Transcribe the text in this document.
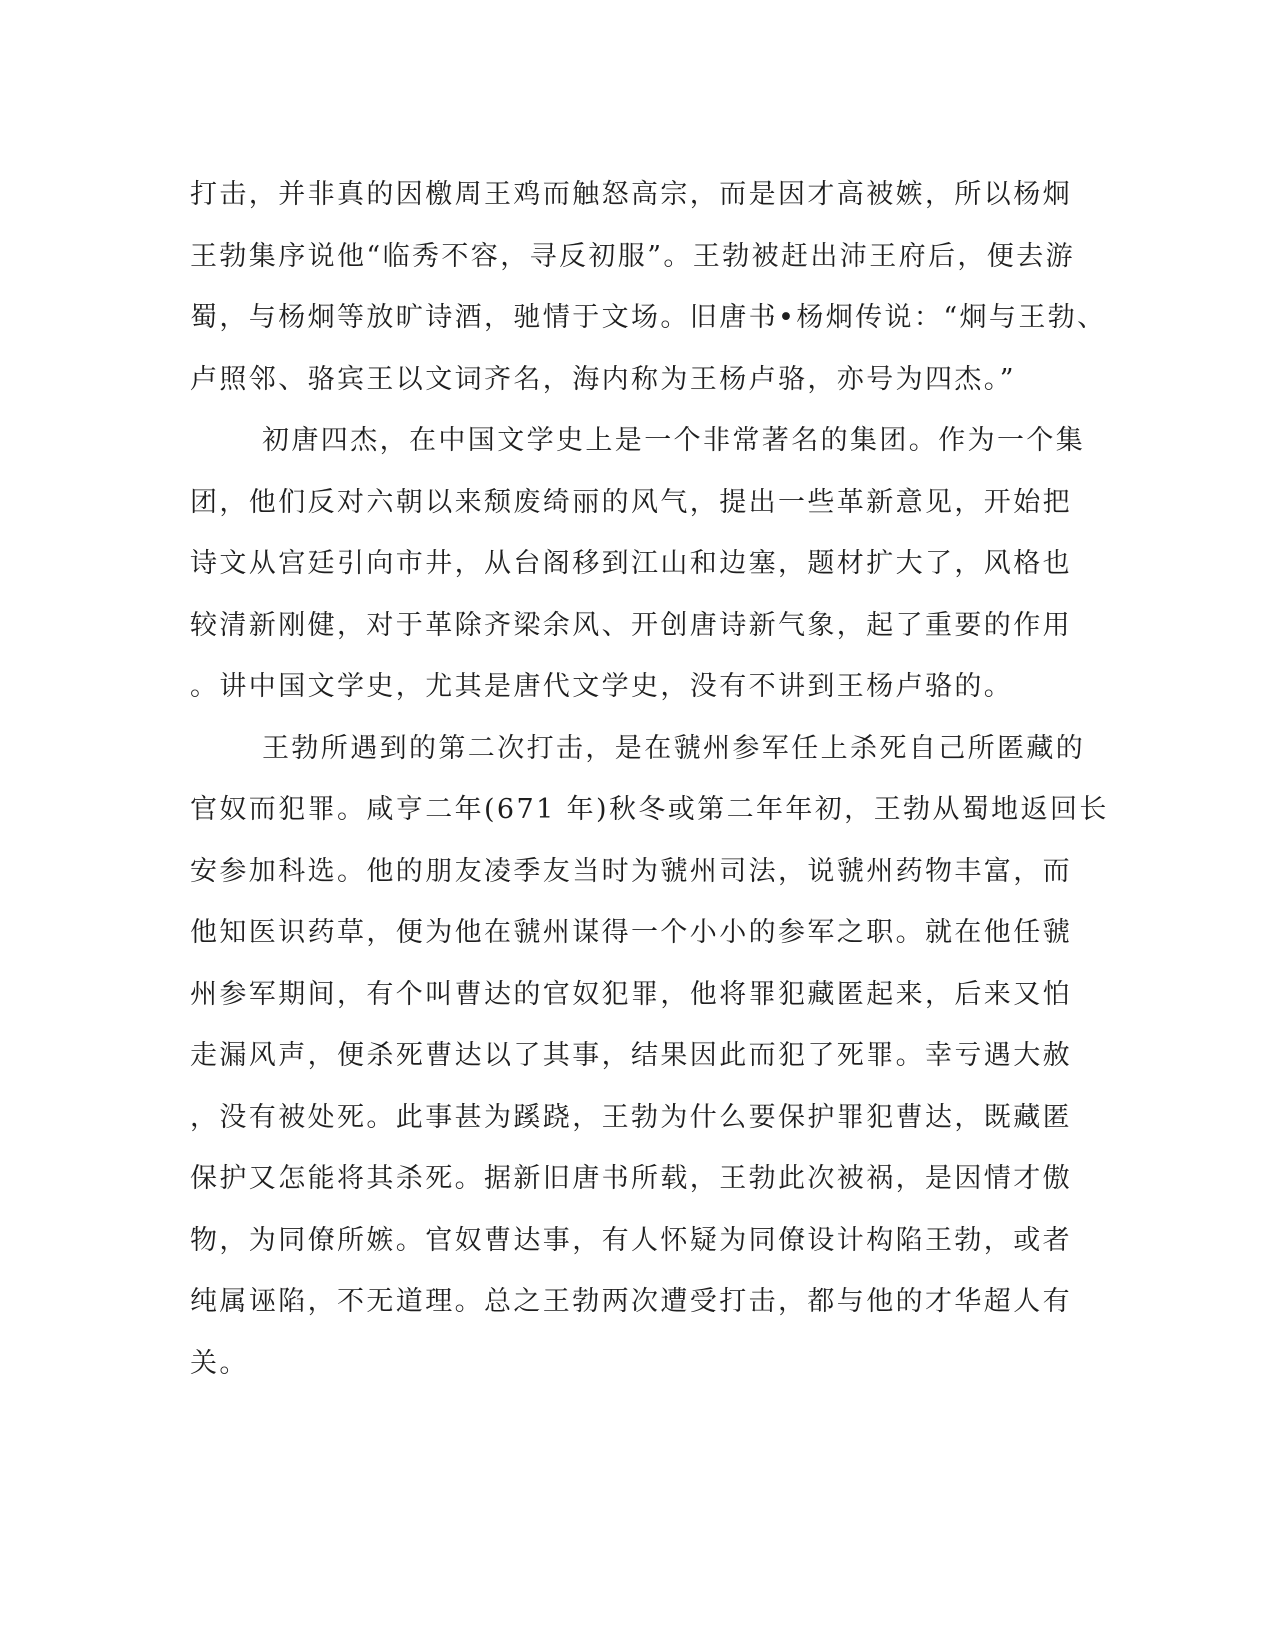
打击，并非真的因檄周王鸡而触怒高宗，而是因才高被嫉，所以杨炯
王勃集序说他“临秀不容，寻反初服”。王勃被赶出沛王府后，便去游
蜀，与杨炯等放旷诗酒，驰情于文场。旧唐书•杨炯传说：“炯与王勃、
卢照邻、骆宾王以文词齐名，海内称为王杨卢骆，亦号为四杰。”
初唐四杰，在中国文学史上是一个非常著名的集团。作为一个集
团，他们反对六朝以来颓废绮丽的风气，提出一些革新意见，开始把
诗文从宫廷引向市井，从台阁移到江山和边塞，题材扩大了，风格也
较清新刚健，对于革除齐梁余风、开创唐诗新气象，起了重要的作用
。讲中国文学史，尤其是唐代文学史，没有不讲到王杨卢骆的。
王勃所遇到的第二次打击，是在虢州参军任上杀死自己所匿藏的
官奴而犯罪。咸亨二年(671 年)秋冬或第二年年初，王勃从蜀地返回长
安参加科选。他的朋友凌季友当时为虢州司法，说虢州药物丰富，而
他知医识药草，便为他在虢州谋得一个小小的参军之职。就在他任虢
州参军期间，有个叫曹达的官奴犯罪，他将罪犯藏匿起来，后来又怕
走漏风声，便杀死曹达以了其事，结果因此而犯了死罪。幸亏遇大赦
，没有被处死。此事甚为蹊跷，王勃为什么要保护罪犯曹达，既藏匿
保护又怎能将其杀死。据新旧唐书所载，王勃此次被祸，是因情才傲
物，为同僚所嫉。官奴曹达事，有人怀疑为同僚设计构陷王勃，或者
纯属诬陷，不无道理。总之王勃两次遭受打击，都与他的才华超人有
关。
